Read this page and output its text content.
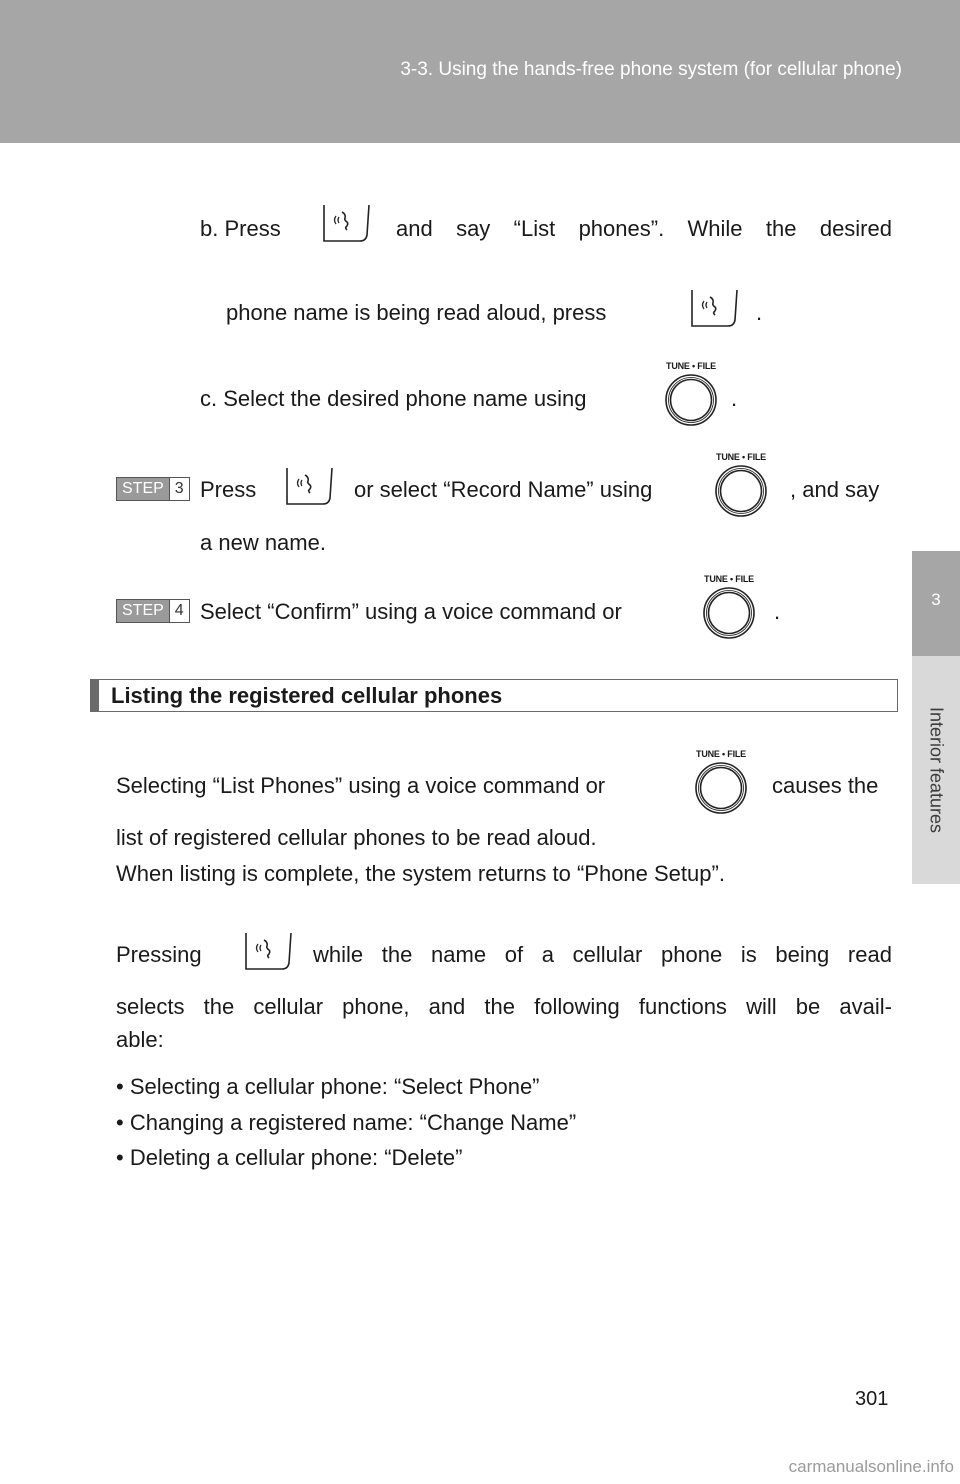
3-3. Using the hands-free phone system (for cellular phone)
3
Interior features
b. Press	and say “List phones”. While the desired
phone name is being read aloud, press	.
c. Select the desired phone name using
TUNE • FILE
.
STEP 3 Press	or select “Record Name” using
TUNE • FILE
, and say
a new name.
STEP 4 Select “Confirm” using a voice command or
TUNE • FILE
.
Listing the registered cellular phones
Selecting “List Phones” using a voice command or
TUNE • FILE
causes the
list of registered cellular phones to be read aloud.
When listing is complete, the system returns to “Phone Setup”.
Pressing	while the name of a cellular phone is being read
selects the cellular phone, and the following functions will be avail-
able:
• Selecting a cellular phone: “Select Phone”
• Changing a registered name: “Change Name”
• Deleting a cellular phone: “Delete”
301
carmanualsonline.info
